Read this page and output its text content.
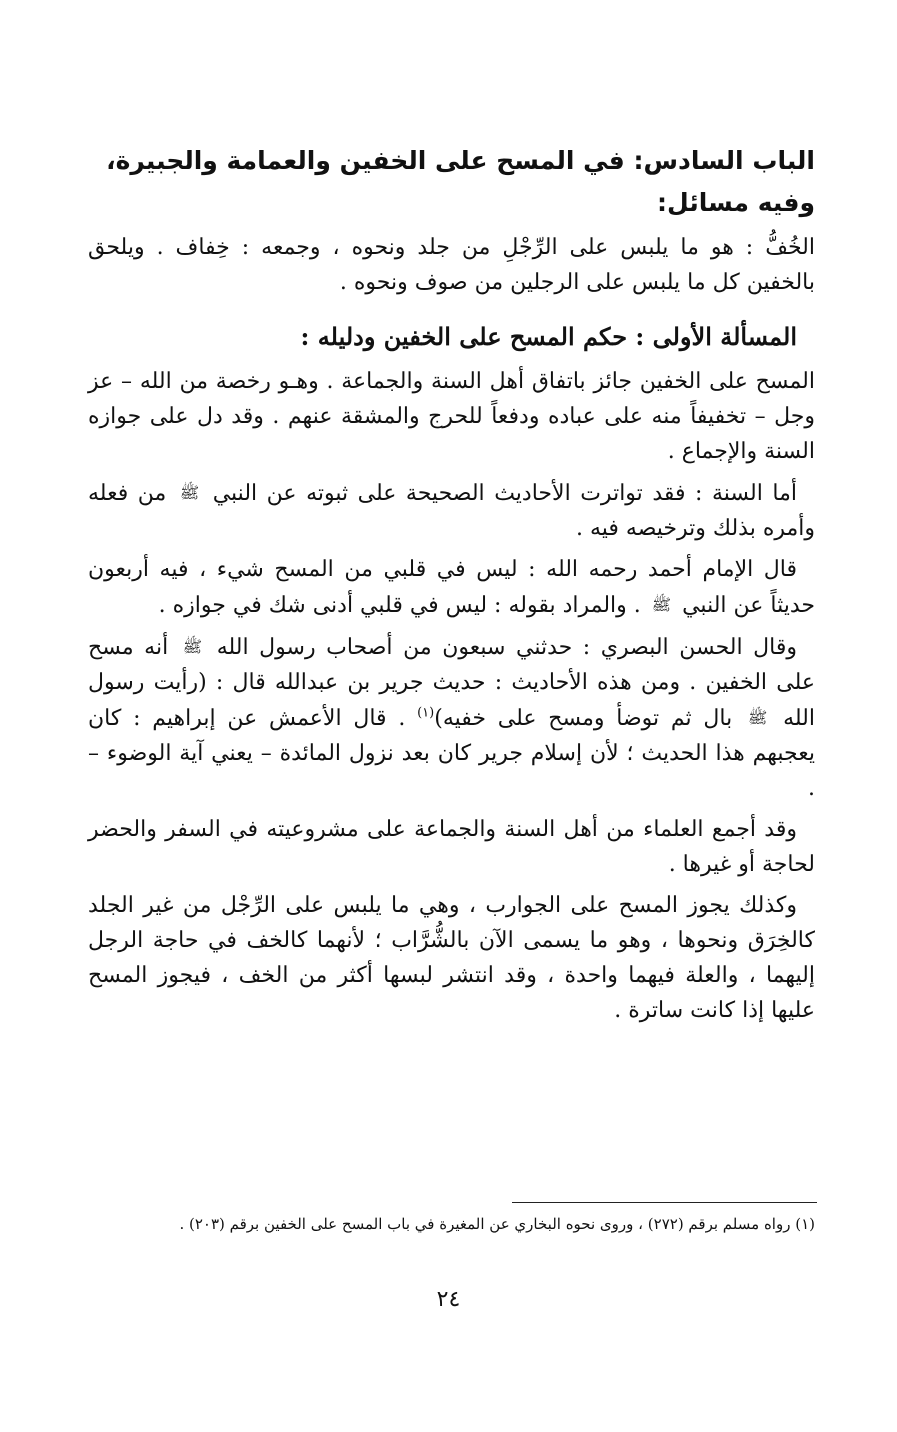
الباب السادس: في المسح على الخفين والعمامة والجبيرة، وفيه مسائل:

الخُفُّ : هو ما يلبس على الرِّجْلِ من جلد ونحوه ، وجمعه : خِفاف . ويلحق بالخفين كل ما يلبس على الرجلين من صوف ونحوه .

المسألة الأولى : حكم المسح على الخفين ودليله :

المسح على الخفين جائز باتفاق أهل السنة والجماعة . وهـو رخصة من الله – عز وجل – تخفيفاً منه على عباده ودفعاً للحرج والمشقة عنهم . وقد دل على جوازه السنة والإجماع .

أما السنة : فقد تواترت الأحاديث الصحيحة على ثبوته عن النبي ﷺ من فعله وأمره بذلك وترخيصه فيه .

قال الإمام أحمد رحمه الله : ليس في قلبي من المسح شيء ، فيه أربعون حديثاً عن النبي ﷺ . والمراد بقوله : ليس في قلبي أدنى شك في جوازه .

وقال الحسن البصري : حدثني سبعون من أصحاب رسول الله ﷺ أنه مسح على الخفين . ومن هذه الأحاديث : حديث جرير بن عبدالله قال : (رأيت رسول الله ﷺ بال ثم توضأ ومسح على خفيه)$^{(١)}$ . قال الأعمش عن إبراهيم : كان يعجبهم هذا الحديث ؛ لأن إسلام جرير كان بعد نزول المائدة – يعني آية الوضوء – .

وقد أجمع العلماء من أهل السنة والجماعة على مشروعيته في السفر والحضر لحاجة أو غيرها .

وكذلك يجوز المسح على الجوارب ، وهي ما يلبس على الرِّجْل من غير الجلد كالخِرَق ونحوها ، وهو ما يسمى الآن بالشُّرَّاب ؛ لأنهما كالخف في حاجة الرجل إليهما ، والعلة فيهما واحدة ، وقد انتشر لبسها أكثر من الخف ، فيجوز المسح عليها إذا كانت ساترة .

(١) رواه مسلم برقم (٢٧٢) ، وروى نحوه البخاري عن المغيرة في باب المسح على الخفين برقم (٢٠٣) .
٢٤
